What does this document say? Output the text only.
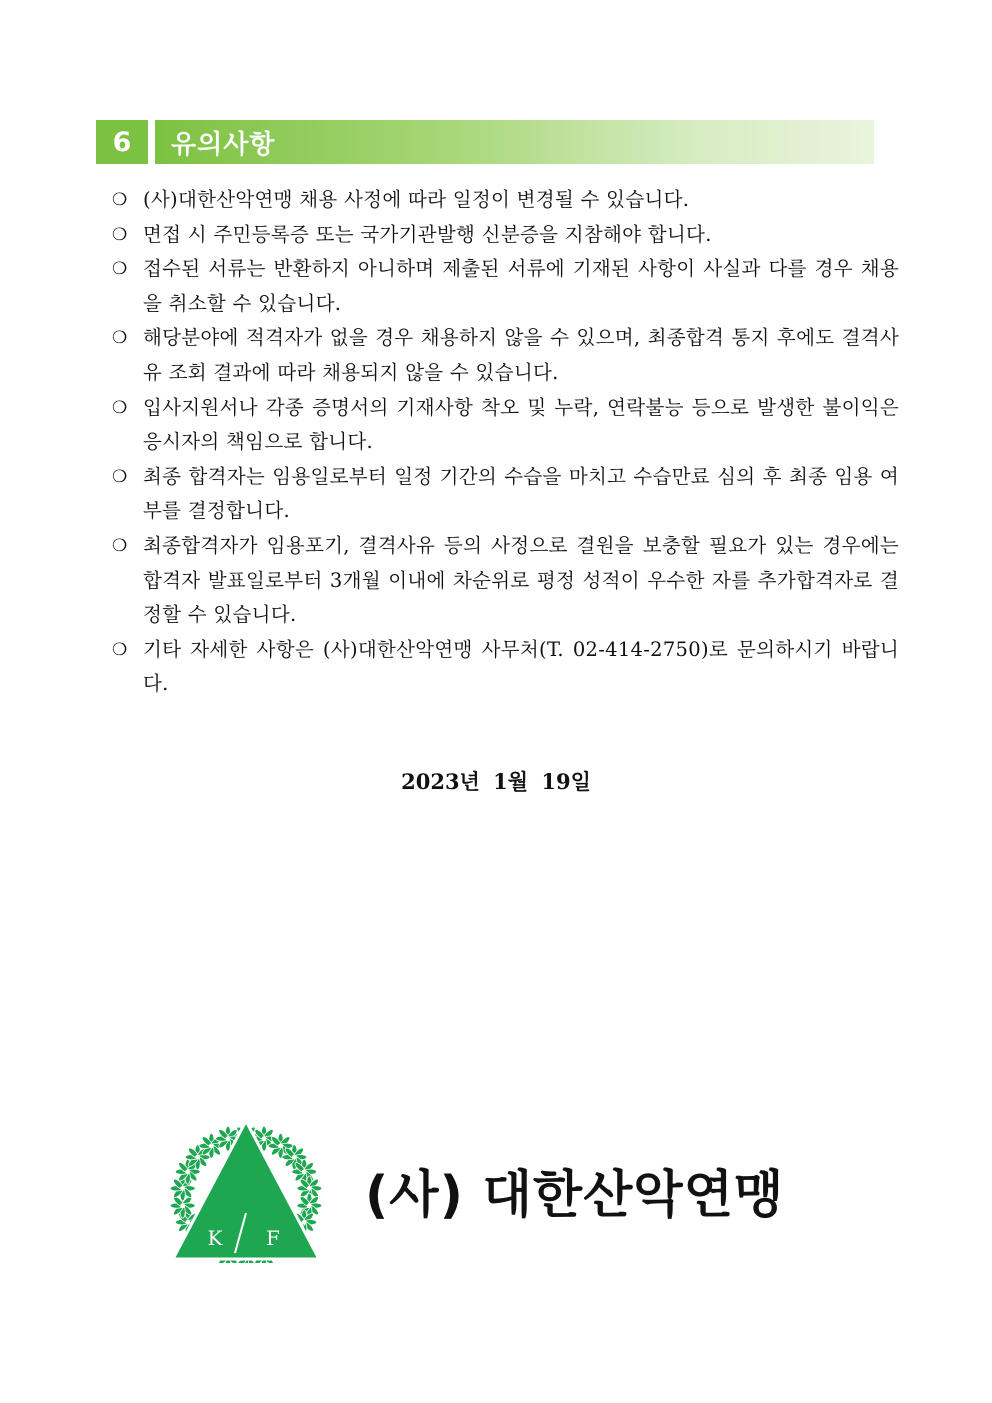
6	유의사항
❍ (사)대한산악연맹 채용 사정에 따라 일정이 변경될 수 있습니다.
❍ 면접 시 주민등록증 또는 국가기관발행 신분증을 지참해야 합니다.
❍ 접수된 서류는 반환하지 아니하며 제출된 서류에 기재된 사항이 사실과 다를 경우 채용을 취소할 수 있습니다.
❍ 해당분야에 적격자가 없을 경우 채용하지 않을 수 있으며, 최종합격 통지 후에도 결격사유 조회 결과에 따라 채용되지 않을 수 있습니다.
❍ 입사지원서나 각종 증명서의 기재사항 착오 및 누락, 연락불능 등으로 발생한 불이익은 응시자의 책임으로 합니다.
❍ 최종 합격자는 임용일로부터 일정 기간의 수습을 마치고 수습만료 심의 후 최종 임용 여부를 결정합니다.
❍ 최종합격자가 임용포기, 결격사유 등의 사정으로 결원을 보충할 필요가 있는 경우에는 합격자 발표일로부터 3개월 이내에 차순위로 평정 성적이 우수한 자를 추가합격자로 결정할 수 있습니다.
❍ 기타 자세한 사항은 (사)대한산악연맹 사무처(T. 02-414-2750)로 문의하시기 바랍니다.
2023년 1월 19일
K F
(사) 대한산악연맹
